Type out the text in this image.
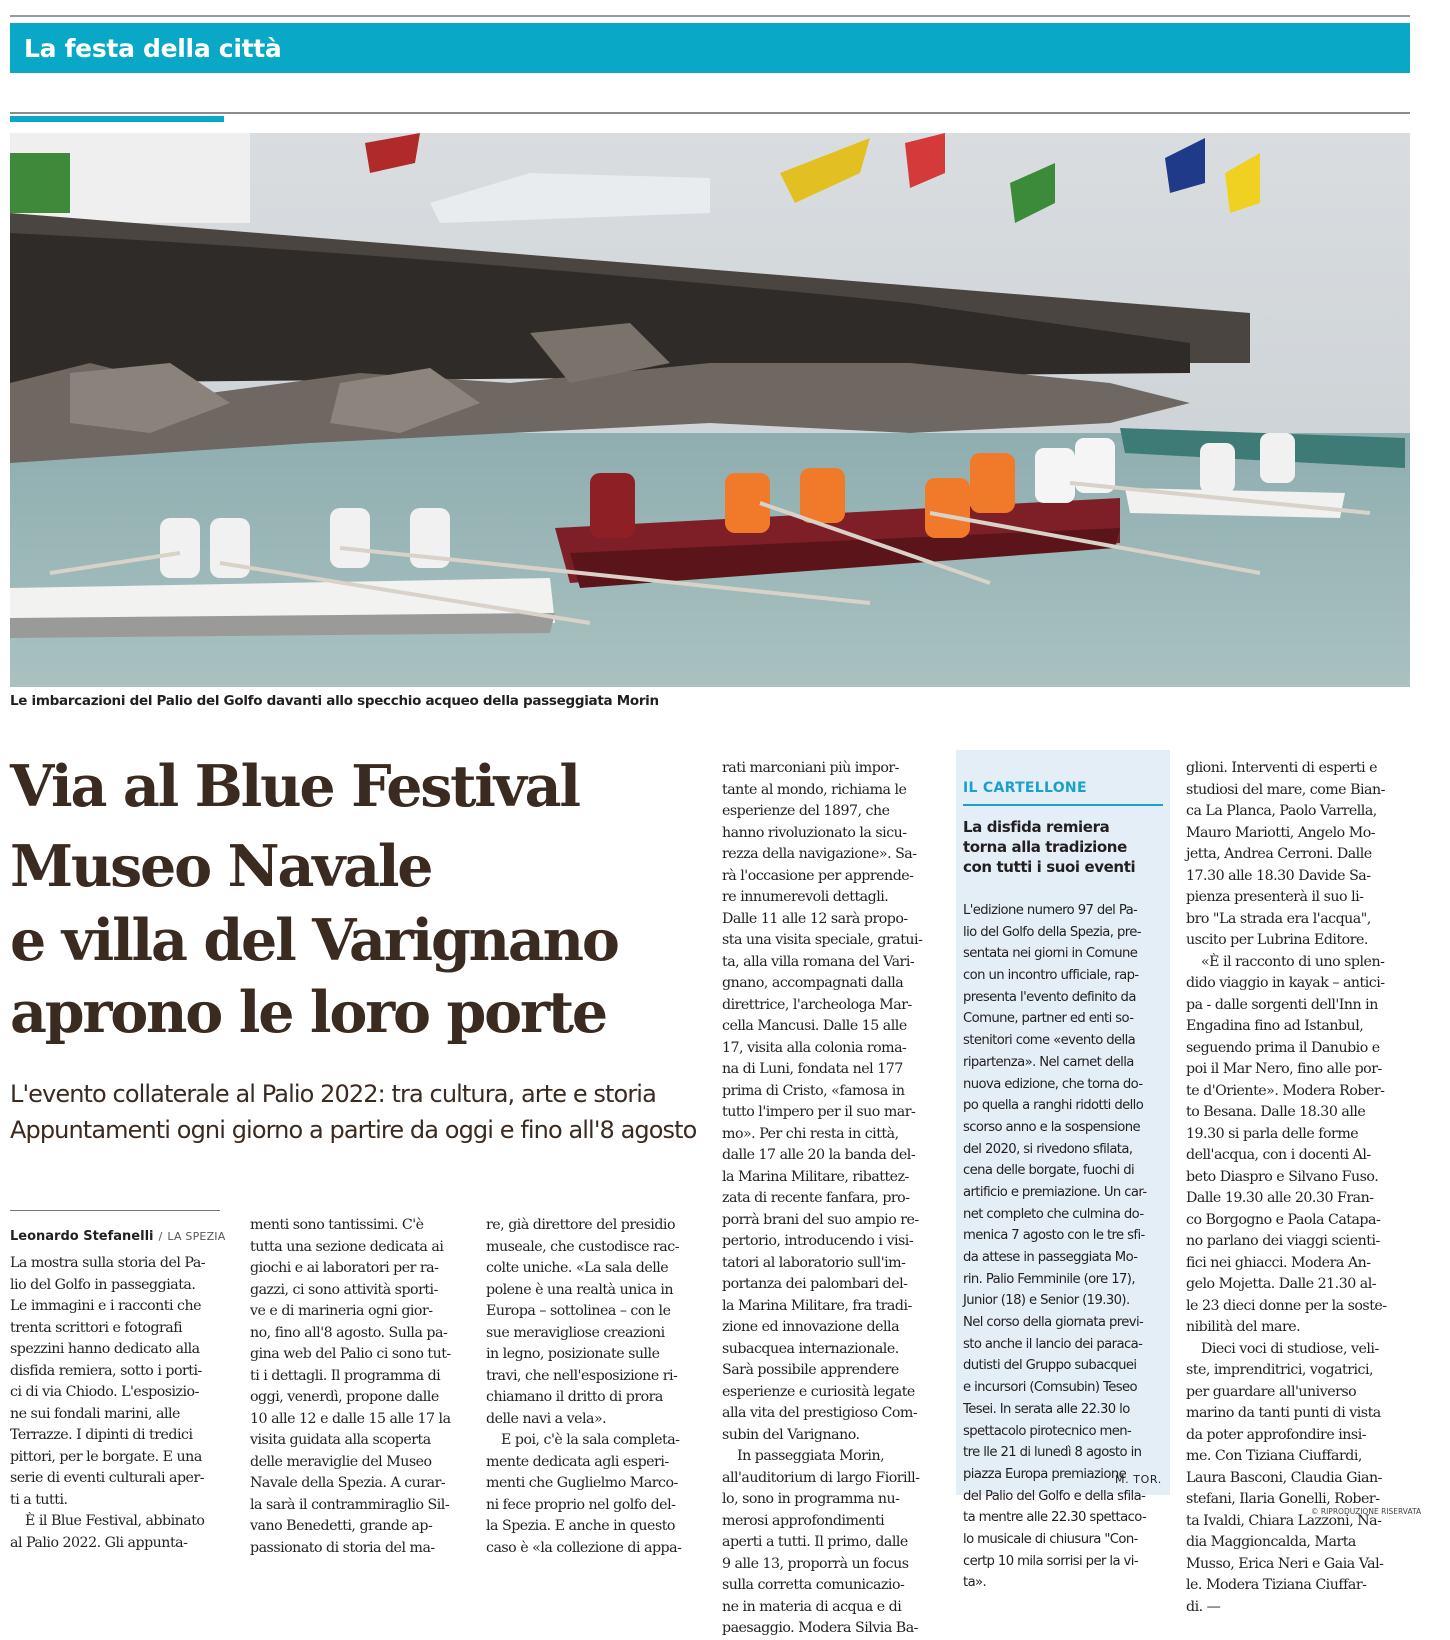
La festa della città
Le imbarcazioni del Palio del Golfo davanti allo specchio acqueo della passeggiata Morin
Via al Blue Festival
Museo Navale
e villa del Varignano
aprono le loro porte
L'evento collaterale al Palio 2022: tra cultura, arte e storia
Appuntamenti ogni giorno a partire da oggi e fino all'8 agosto
Leonardo Stefanelli / LA SPEZIA
La mostra sulla storia del Pa-
lio del Golfo in passeggiata.
Le immagini e i racconti che
trenta scrittori e fotografi
spezzini hanno dedicato alla
disfida remiera, sotto i porti-
ci di via Chiodo. L'esposizio-
ne sui fondali marini, alle
Terrazze. I dipinti di tredici
pittori, per le borgate. E una
serie di eventi culturali aper-
ti a tutti.
È il Blue Festival, abbinato
al Palio 2022. Gli appunta-
menti sono tantissimi. C'è
tutta una sezione dedicata ai
giochi e ai laboratori per ra-
gazzi, ci sono attività sporti-
ve e di marineria ogni gior-
no, fino all'8 agosto. Sulla pa-
gina web del Palio ci sono tut-
ti i dettagli. Il programma di
oggi, venerdì, propone dalle
10 alle 12 e dalle 15 alle 17 la
visita guidata alla scoperta
delle meraviglie del Museo
Navale della Spezia. A curar-
la sarà il contrammiraglio Sil-
vano Benedetti, grande ap-
passionato di storia del ma-
re, già direttore del presidio
museale, che custodisce rac-
colte uniche. «La sala delle
polene è una realtà unica in
Europa – sottolinea – con le
sue meravigliose creazioni
in legno, posizionate sulle
travi, che nell'esposizione ri-
chiamano il dritto di prora
delle navi a vela».
E poi, c'è la sala completa-
mente dedicata agli esperi-
menti che Guglielmo Marco-
ni fece proprio nel golfo del-
la Spezia. E anche in questo
caso è «la collezione di appa-
rati marconiani più impor-
tante al mondo, richiama le
esperienze del 1897, che
hanno rivoluzionato la sicu-
rezza della navigazione». Sa-
rà l'occasione per apprende-
re innumerevoli dettagli.
Dalle 11 alle 12 sarà propo-
sta una visita speciale, gratui-
ta, alla villa romana del Vari-
gnano, accompagnati dalla
direttrice, l'archeologa Mar-
cella Mancusi. Dalle 15 alle
17, visita alla colonia roma-
na di Luni, fondata nel 177
prima di Cristo, «famosa in
tutto l'impero per il suo mar-
mo». Per chi resta in città,
dalle 17 alle 20 la banda del-
la Marina Militare, ribattez-
zata di recente fanfara, pro-
porrà brani del suo ampio re-
pertorio, introducendo i visi-
tatori al laboratorio sull'im-
portanza dei palombari del-
la Marina Militare, fra tradi-
zione ed innovazione della
subacquea internazionale.
Sarà possibile apprendere
esperienze e curiosità legate
alla vita del prestigioso Com-
subin del Varignano.
In passeggiata Morin,
all'auditorium di largo Fiorill-
lo, sono in programma nu-
merosi approfondimenti
aperti a tutti. Il primo, dalle
9 alle 13, proporrà un focus
sulla corretta comunicazio-
ne in materia di acqua e di
paesaggio. Modera Silvia Ba-
glioni. Interventi di esperti e
studiosi del mare, come Bian-
ca La Planca, Paolo Varrella,
Mauro Mariotti, Angelo Mo-
jetta, Andrea Cerroni. Dalle
17.30 alle 18.30 Davide Sa-
pienza presenterà il suo li-
bro "La strada era l'acqua",
uscito per Lubrina Editore.
«È il racconto di uno splen-
dido viaggio in kayak – antici-
pa - dalle sorgenti dell'Inn in
Engadina fino ad Istanbul,
seguendo prima il Danubio e
poi il Mar Nero, fino alle por-
te d'Oriente». Modera Rober-
to Besana. Dalle 18.30 alle
19.30 si parla delle forme
dell'acqua, con i docenti Al-
beto Diaspro e Silvano Fuso.
Dalle 19.30 alle 20.30 Fran-
co Borgogno e Paola Catapa-
no parlano dei viaggi scienti-
fici nei ghiacci. Modera An-
gelo Mojetta. Dalle 21.30 al-
le 23 dieci donne per la soste-
nibilità del mare.
Dieci voci di studiose, veli-
ste, imprenditrici, vogatrici,
per guardare all'universo
marino da tanti punti di vista
da poter approfondire insi-
me. Con Tiziana Ciuffardi,
Laura Basconi, Claudia Gian-
stefani, Ilaria Gonelli, Rober-
ta Ivaldi, Chiara Lazzoni, Na-
dia Maggioncalda, Marta
Musso, Erica Neri e Gaia Val-
le. Modera Tiziana Ciuffar-
di. —
IL CARTELLONE
La disfida remiera
torna alla tradizione
con tutti i suoi eventi
L'edizione numero 97 del Pa-
lio del Golfo della Spezia, pre-
sentata nei giorni in Comune
con un incontro ufficiale, rap-
presenta l'evento definito da
Comune, partner ed enti so-
stenitori come «evento della
ripartenza». Nel carnet della
nuova edizione, che torna do-
po quella a ranghi ridotti dello
scorso anno e la sospensione
del 2020, si rivedono sfilata,
cena delle borgate, fuochi di
artificio e premiazione. Un car-
net completo che culmina do-
menica 7 agosto con le tre sfi-
da attese in passeggiata Mo-
rin. Palio Femminile (ore 17),
Junior (18) e Senior (19.30).
Nel corso della giornata previ-
sto anche il lancio dei paraca-
dutisti del Gruppo subacquei
e incursori (Comsubin) Teseo
Tesei. In serata alle 22.30 lo
spettacolo pirotecnico men-
tre lle 21 di lunedì 8 agosto in
piazza Europa premiazione
del Palio del Golfo e della sfila-
ta mentre alle 22.30 spettaco-
lo musicale di chiusura "Con-
certp 10 mila sorrisi per la vi-
ta».
M. TOR.
© RIPRODUZIONE RISERVATA
